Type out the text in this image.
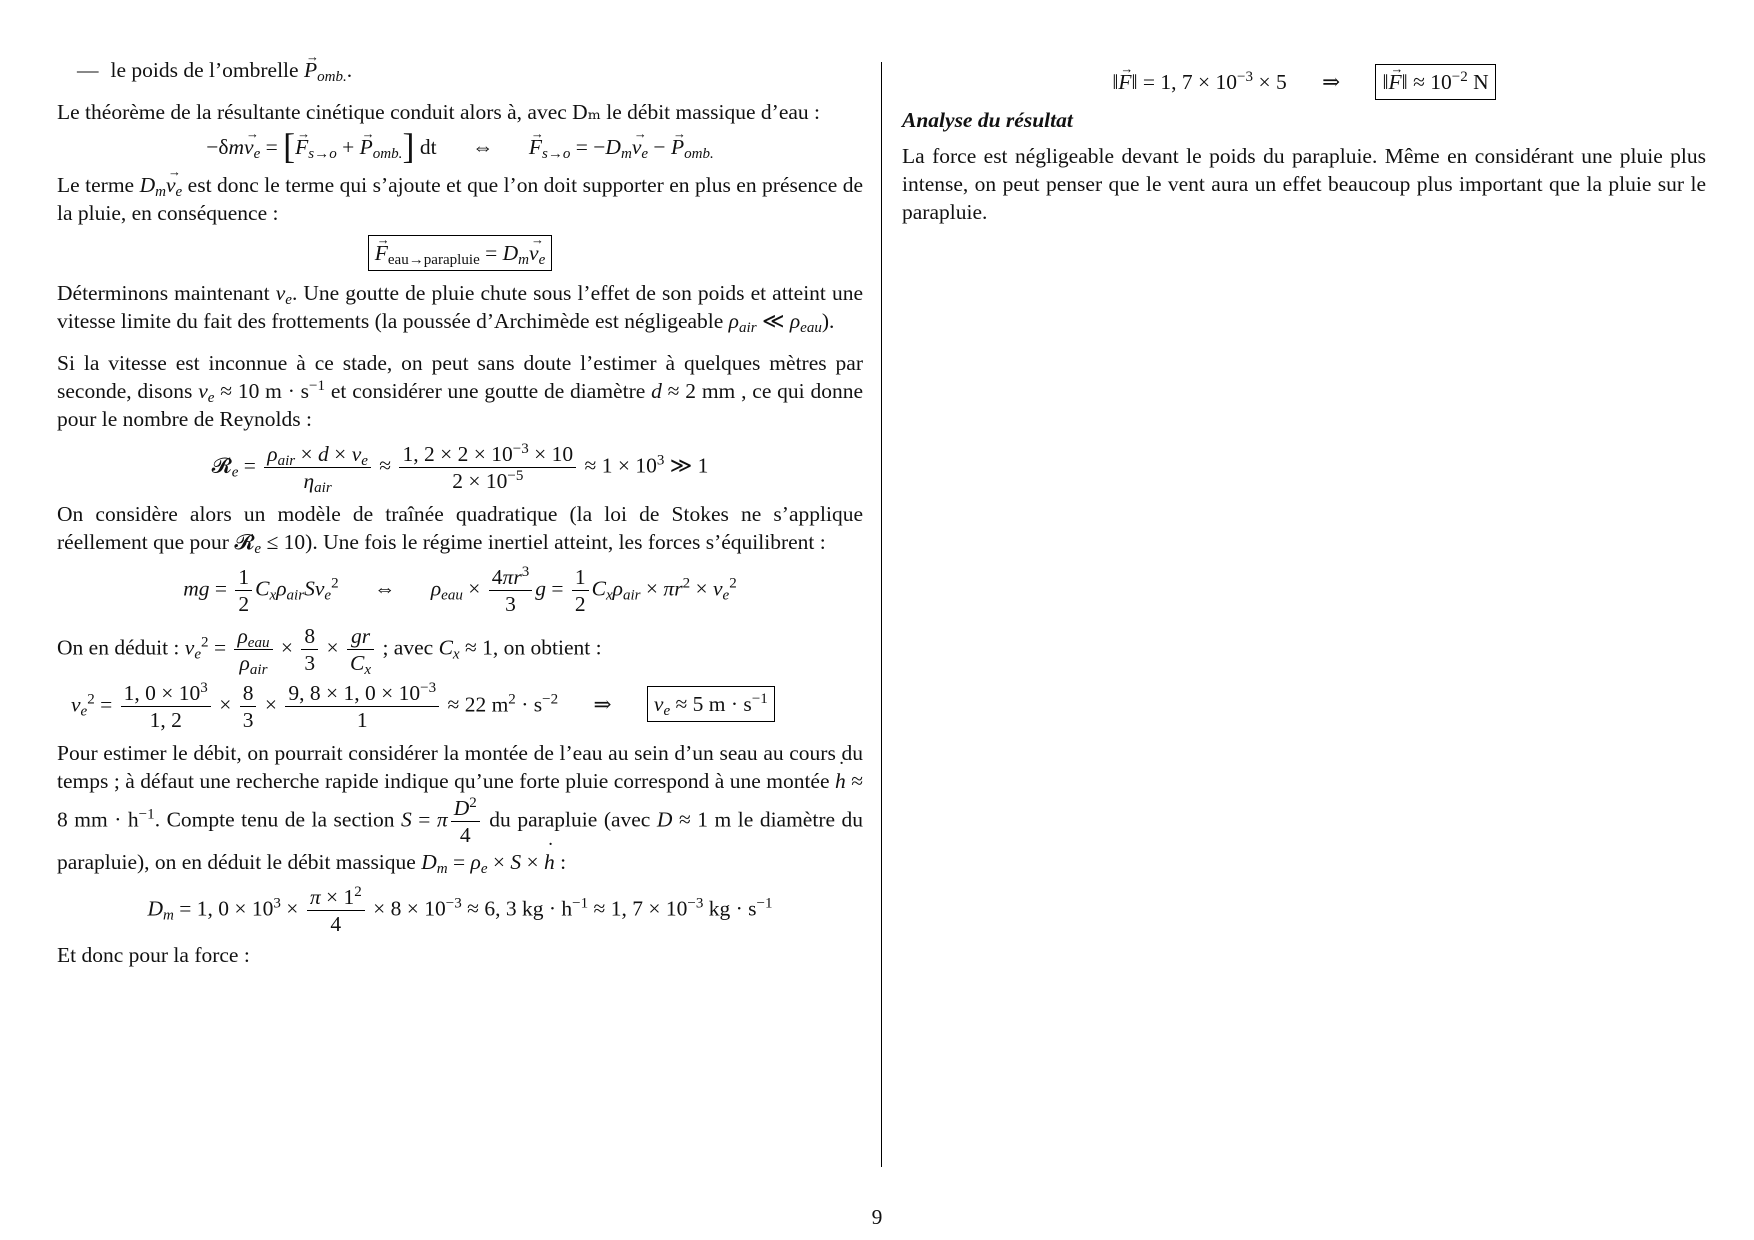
— le poids de l’ombrelle $P \to_{omb.}$.

Le théorème de la résultante cinétique conduit alors à, avec Dₘ le débit massique d’eau :

$-\delta mv \to_e = [F \to_{s\to o} + P \to_{omb.}]$ dt ⇔ $F \to_{s\to o} = -D_mv \to_e - P \to_{omb.}$

Le terme $D_mv \to_e$ est donc le terme qui s’ajoute et que l’on doit supporter en plus en présence de la pluie, en conséquence :

$F \to_{eau\to parapluie} = D_mv \to_e$

Déterminons maintenant $v_e$. Une goutte de pluie chute sous l’effet de son poids et atteint une vitesse limite du fait des frottements (la poussée d’Archimède est négligeable $\rho_{air}$ ≪ $\rho_{eau}$).

Si la vitesse est inconnue à ce stade, on peut sans doute l’estimer à quelques mètres par seconde, disons $v_e \approx 10$ $m \cdot s^{-1}$ et considérer une goutte de diamètre d ≈ 2 mm , ce qui donne pour le nombre de Reynolds :

𝓡$_e$ = $\frac{\rho_{air} \times d \times v_e}{\eta_{air}} \approx \frac{1, 2 \times 2 \times 10^{-3} \times 10}{2 \times 10^{-5}} \approx 1 \times 10^3$ ≫ 1

On considère alors un modèle de traînée quadratique (la loi de Stokes ne s’applique réellement que pour 𝓡$_e$ ≤ 10). Une fois le régime inertiel atteint, les forces s’équilibrent :

mg = $\frac{1}{2} C_x\rho_{air}Sv_e^2$ ⇔ $\rho_{eau} \times \frac{4\pi r^3}{3}$ $g = \frac{1}{2} C_x\rho_{air} \times \pi r^2 \times v_e^2$
On en déduit : $v_e^2 = \frac{\rho_{eau}}{\rho_{air}} \times \frac{8}{3} \times \frac{gr}{C_x}$ ; avec $C_x \approx 1$, on obtient :
$v_e^2 = \frac{1, 0 \times 10^3}{1, 2} \times \frac{8}{3} \times \frac{9, 8 \times 1, 0 \times 10^{-3}}{1} \approx 22$ $m^2 \cdot s^{-2}$ ⇒ $v_e \approx 5$ $m \cdot s^{-1}$

Pour estimer le débit, on pourrait considérer la montée de l’eau au sein d’un seau au cours du temps ; à défaut une recherche rapide indique qu’une forte pluie correspond à une montée h ˙ ≈ 8 mm · $h^{-1}$. Compte tenu de la section S = π $\frac{D^2}{4}$ du parapluie (avec D ≈ 1 m le diamètre du parapluie), on en déduit le débit massique $D_m = \rho_e \times S \times h$ ˙ :

$D_m = 1$, $0 \times 10^3 \times \frac{\pi \times 1^2}{4} \times 8 \times 10^{-3} \approx 6$, 3 kg · $h^{-1} \approx 1$, $7 \times 10^{-3}$ kg · $s^{-1}$

Et donc pour la force :

‖F →‖ = 1, $7 \times 10^{-3} \times 5$ ⇒ ‖F →‖ ≈ $10^{-2}$ N
Analyse du résultat

La force est négligeable devant le poids du parapluie. Même en considérant une pluie plus intense, on peut penser que le vent aura un effet beaucoup plus important que la pluie sur le parapluie.

9
